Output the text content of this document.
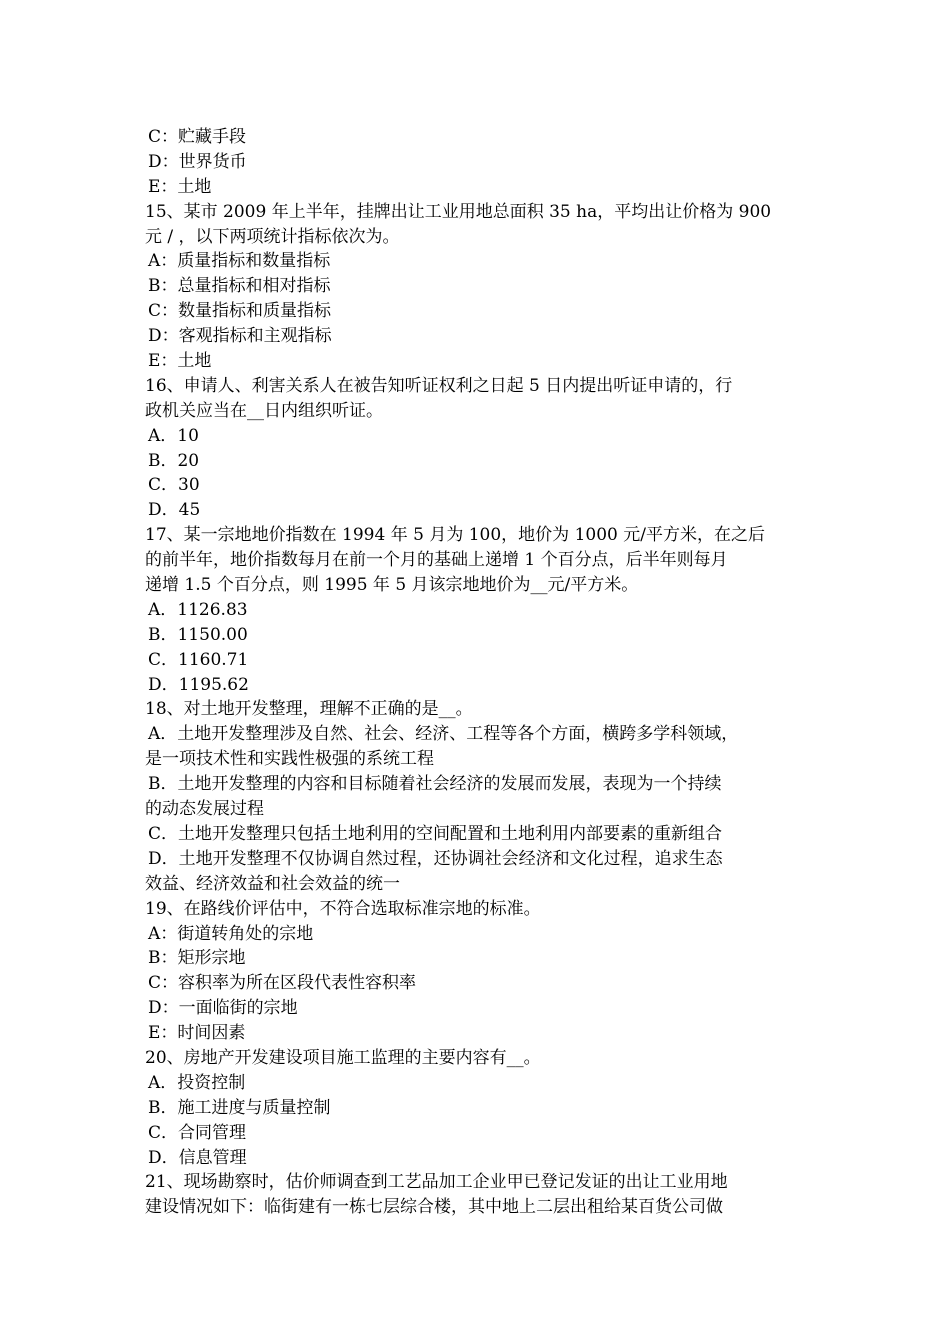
C：贮藏手段
D：世界货币
E：土地
15、某市 2009 年上半年，挂牌出让工业用地总面积 35 ha，平均出让价格为 900
元 / ，以下两项统计指标依次为。
A：质量指标和数量指标
B：总量指标和相对指标
C：数量指标和质量指标
D：客观指标和主观指标
E：土地
16、申请人、利害关系人在被告知听证权利之日起 5 日内提出听证申请的，行
政机关应当在__日内组织听证。
A．10
B．20
C．30
D．45
17、某一宗地地价指数在 1994 年 5 月为 100，地价为 1000 元/平方米，在之后
的前半年，地价指数每月在前一个月的基础上递增 1 个百分点，后半年则每月
递增 1.5 个百分点，则 1995 年 5 月该宗地地价为__元/平方米。
A．1126.83
B．1150.00
C．1160.71
D．1195.62
18、对土地开发整理，理解不正确的是__。
A．土地开发整理涉及自然、社会、经济、工程等各个方面，横跨多学科领域，
是一项技术性和实践性极强的系统工程
B．土地开发整理的内容和目标随着社会经济的发展而发展，表现为一个持续
的动态发展过程
C．土地开发整理只包括土地利用的空间配置和土地利用内部要素的重新组合
D．土地开发整理不仅协调自然过程，还协调社会经济和文化过程，追求生态
效益、经济效益和社会效益的统一
19、在路线价评估中，不符合选取标准宗地的标准。
A：街道转角处的宗地
B：矩形宗地
C：容积率为所在区段代表性容积率
D：一面临街的宗地
E：时间因素
20、房地产开发建设项目施工监理的主要内容有__。
A．投资控制
B．施工进度与质量控制
C．合同管理
D．信息管理
21、现场勘察时，估价师调查到工艺品加工企业甲已登记发证的出让工业用地
建设情况如下：临街建有一栋七层综合楼，其中地上二层出租给某百货公司做
